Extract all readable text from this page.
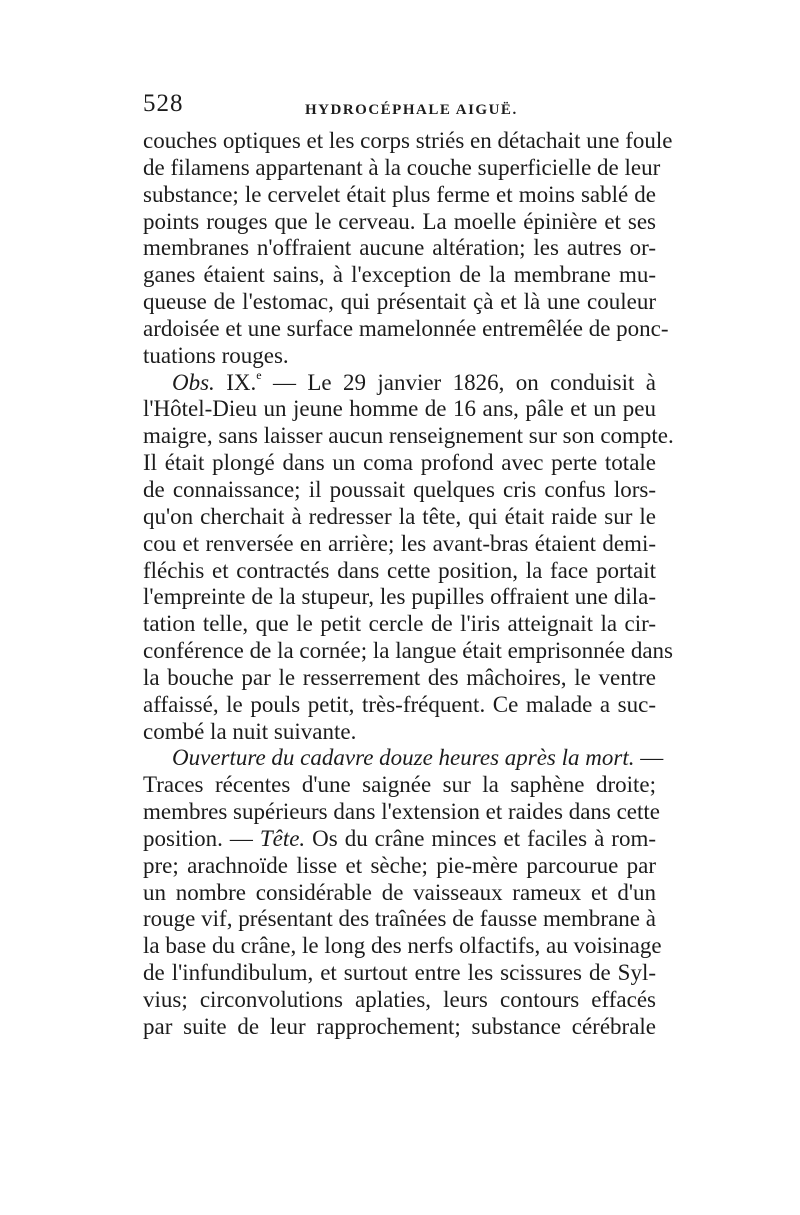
528	HYDROCÉPHALE AIGUË.
couches optiques et les corps striés en détachait une foule
de filamens appartenant à la couche superficielle de leur
substance; le cervelet était plus ferme et moins sablé de
points rouges que le cerveau. La moelle épinière et ses
membranes n'offraient aucune altération; les autres or-
ganes étaient sains, à l'exception de la membrane mu-
queuse de l'estomac, qui présentait çà et là une couleur
ardoisée et une surface mamelonnée entremêlée de ponc-
tuations rouges.
Obs. IX.$^e$ — Le 29 janvier 1826, on conduisit à
l'Hôtel-Dieu un jeune homme de 16 ans, pâle et un peu
maigre, sans laisser aucun renseignement sur son compte.
Il était plongé dans un coma profond avec perte totale
de connaissance; il poussait quelques cris confus lors-
qu'on cherchait à redresser la tête, qui était raide sur le
cou et renversée en arrière; les avant-bras étaient demi-
fléchis et contractés dans cette position, la face portait
l'empreinte de la stupeur, les pupilles offraient une dila-
tation telle, que le petit cercle de l'iris atteignait la cir-
conférence de la cornée; la langue était emprisonnée dans
la bouche par le resserrement des mâchoires, le ventre
affaissé, le pouls petit, très-fréquent. Ce malade a suc-
combé la nuit suivante.
Ouverture du cadavre douze heures après la mort. —
Traces récentes d'une saignée sur la saphène droite;
membres supérieurs dans l'extension et raides dans cette
position. — Tête. Os du crâne minces et faciles à rom-
pre; arachnoïde lisse et sèche; pie-mère parcourue par
un nombre considérable de vaisseaux rameux et d'un
rouge vif, présentant des traînées de fausse membrane à
la base du crâne, le long des nerfs olfactifs, au voisinage
de l'infundibulum, et surtout entre les scissures de Syl-
vius; circonvolutions aplaties, leurs contours effacés
par suite de leur rapprochement; substance cérébrale
